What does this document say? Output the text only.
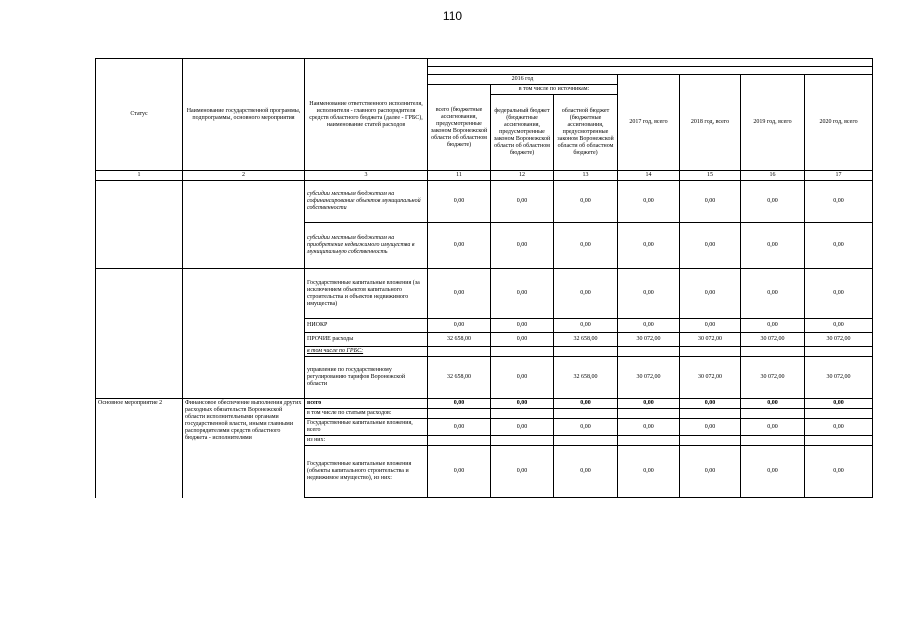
110
Статус	Наименование государственной программы, подпрограммы, основного мероприятия	Наименование ответственного исполнителя, исполнителя - главного распорядителя средств областного бюджета (далее - ГРБС), наименование статей расходов							

			2016 год			2017 год, всего	2018 год, всего	2019 год, всего	2020 год, всего
			всего (бюджетные ассигнования, предусмотренные законом Воронежской области об областном бюджете)	в том числе по источникам:					
				федеральный бюджет (бюджетные ассигнования, предусмотренные законом Воронежской области об областном бюджете)	областной бюджет (бюджетные ассигнования, предусмотренные законом Воронежской области об областном бюджете)				

1	2	3	11	12	13	14	15	16	17
		субсидии местным бюджетам на софинансирование объектов муниципальной собственности	0,00	0,00	0,00	0,00	0,00	0,00	0,00
		субсидии местным бюджетам на приобретение недвижимого имущества в муниципальную собственность	0,00	0,00	0,00	0,00	0,00	0,00	0,00
		Государственные капитальные вложения (за исключением объектов капитального строительства и объектов недвижимого имущества)	0,00	0,00	0,00	0,00	0,00	0,00	0,00
		НИОКР	0,00	0,00	0,00	0,00	0,00	0,00	0,00
		ПРОЧИЕ расходы	32 658,00	0,00	32 658,00	30 072,00	30 072,00	30 072,00	30 072,00
		в том числе по ГРБС:							
		управление по государственному регулированию тарифов Воронежской области	32 658,00	0,00	32 658,00	30 072,00	30 072,00	30 072,00	30 072,00
Основное мероприятие 2	Финансовое обеспечение выполнения других расходных обязательств Воронежской области исполнительными органами государственной власти, иными главными распорядителями средств областного бюджета - исполнителями	всего	0,00	0,00	0,00	0,00	0,00	0,00	0,00
		в том числе по статьям расходов:							
		Государственные капитальные вложения, всего	0,00	0,00	0,00	0,00	0,00	0,00	0,00
		из них:							
		Государственные капитальные вложения (объекты капитального строительства и недвижимое имущество), из них:	0,00	0,00	0,00	0,00	0,00	0,00	0,00
